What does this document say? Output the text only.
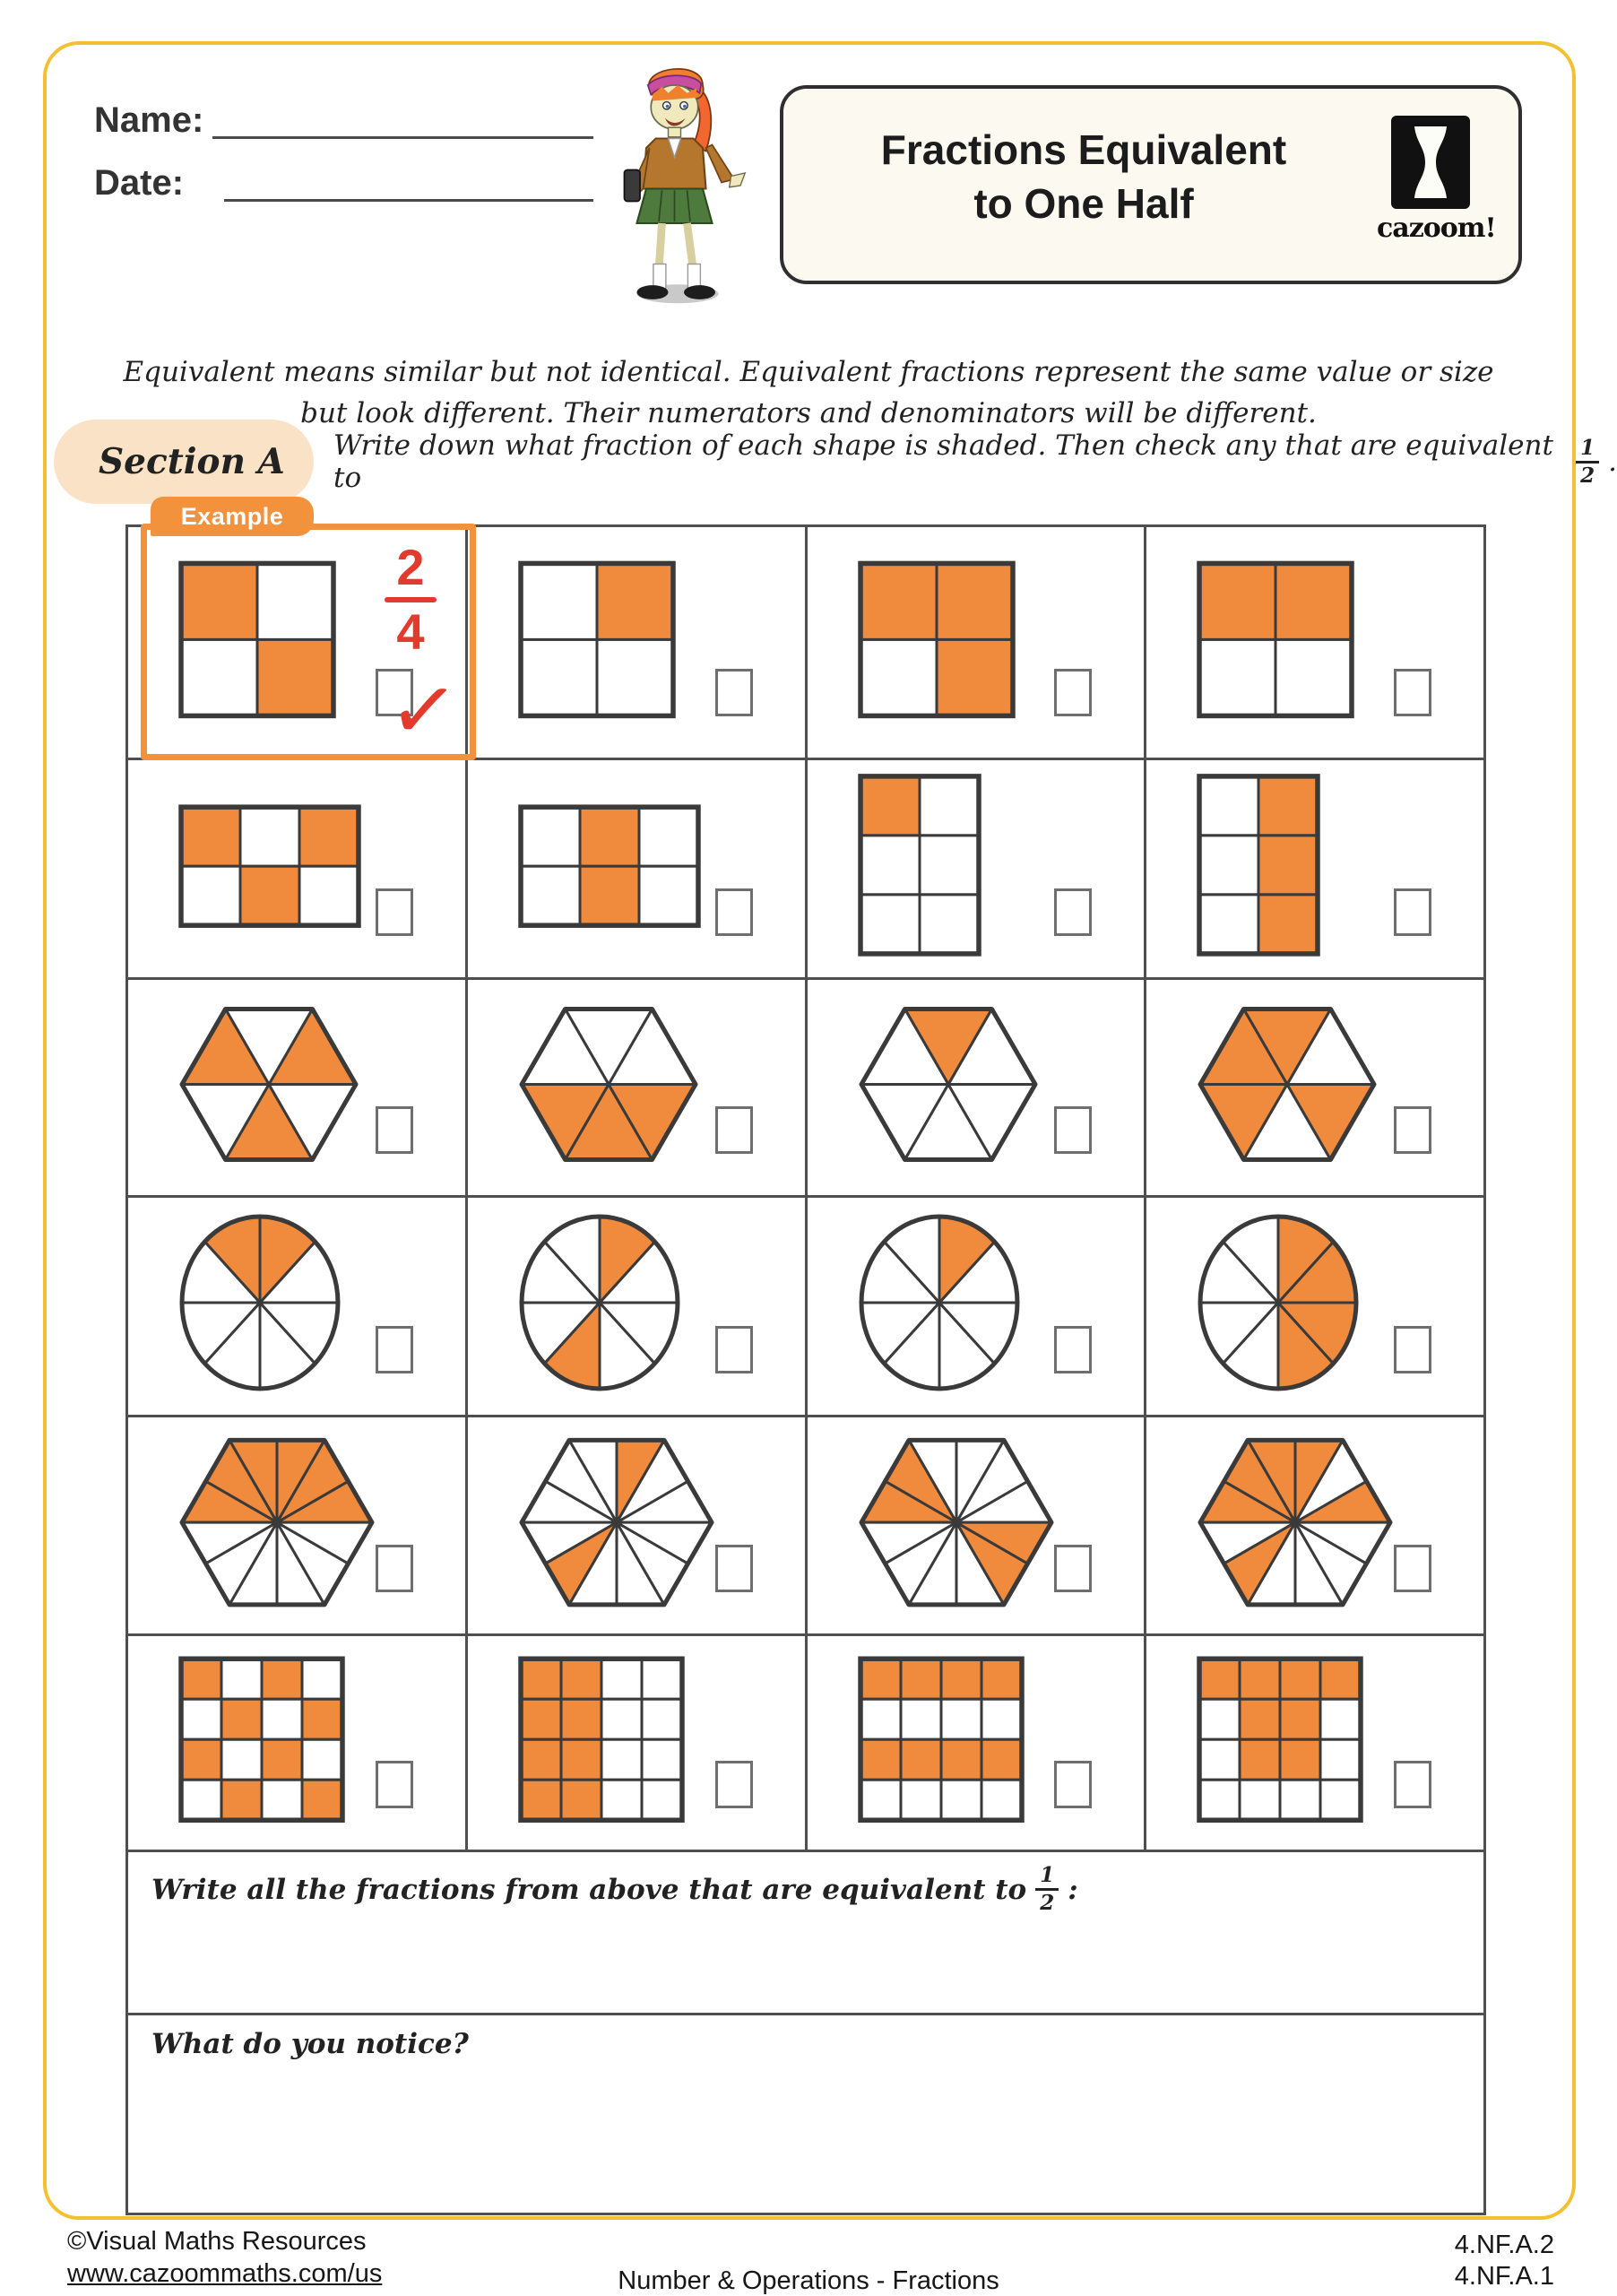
Name:
Date:
Fractions Equivalent
to One Half
cazoom!
Equivalent means similar but not identical. Equivalent fractions represent the same value or size
but look different. Their numerators and denominators will be different.
Section A Write down what fraction of each shape is shaded. Then check any that are equivalent to	$\frac{1}{2}$ .
Example
2
4
✓
Write all the fractions from above that are equivalent to $\frac{1}{2}$ :
What do you notice?
©Visual Maths Resources
www.cazoommaths.com/us	Number & Operations - Fractions
4.NF.A.2
4.NF.A.1
